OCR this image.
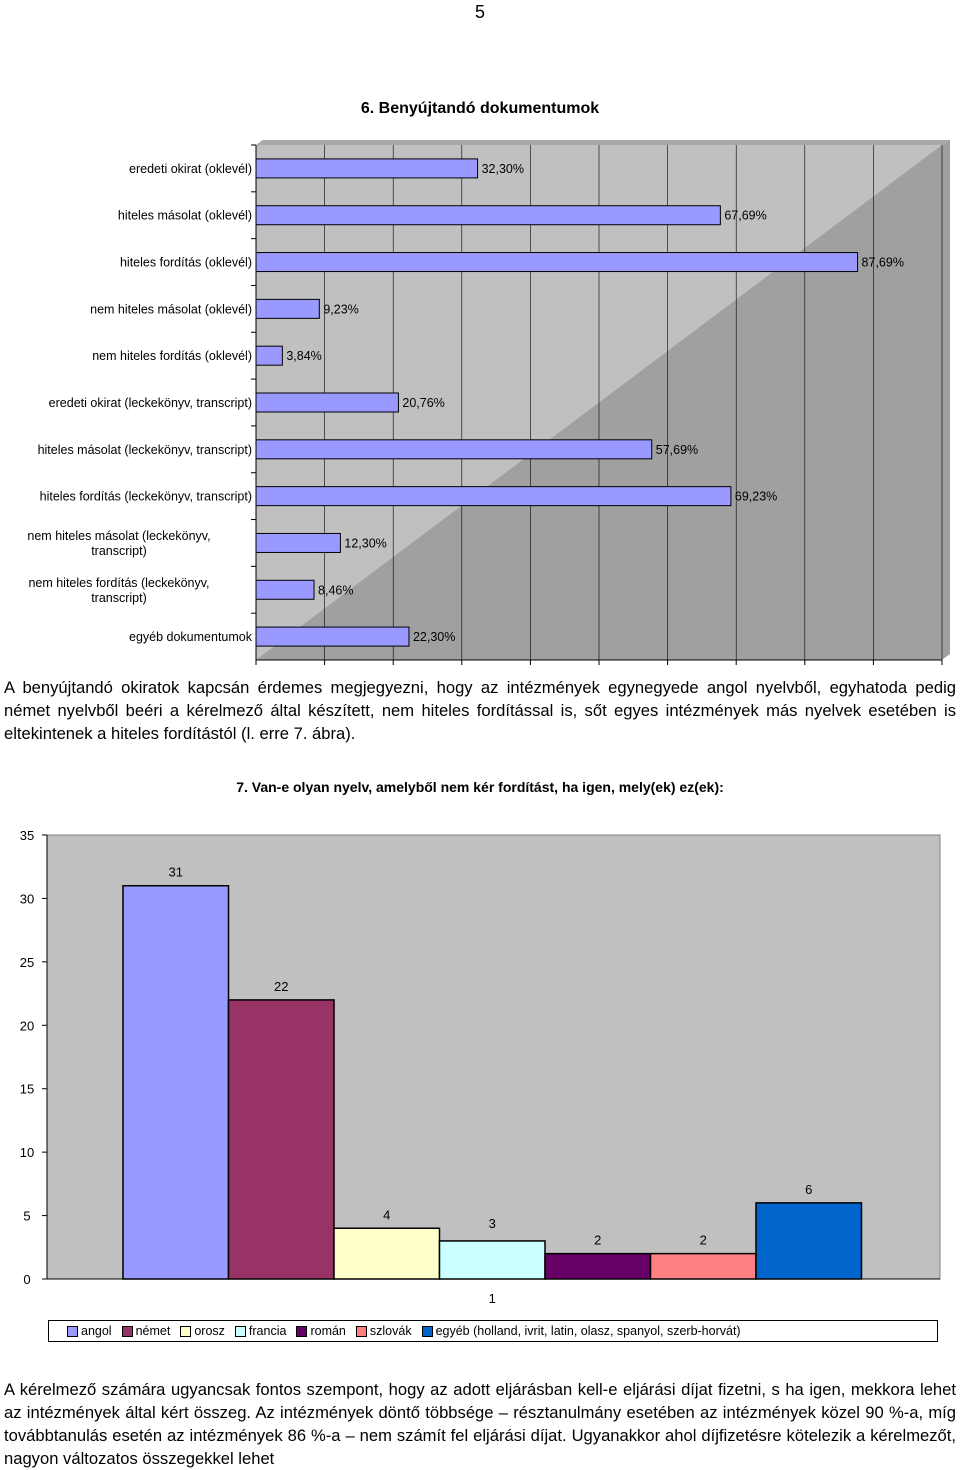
5
6. Benyújtandó dokumentumok
32,30%
eredeti okirat (oklevél)
67,69%
hiteles másolat (oklevél)
87,69%
hiteles fordítás (oklevél)
9,23%
nem hiteles másolat (oklevél)
3,84%
nem hiteles fordítás (oklevél)
20,76%
eredeti okirat (leckekönyv, transcript)
57,69%
hiteles másolat (leckekönyv, transcript)
69,23%
hiteles fordítás (leckekönyv, transcript)
12,30%
nem hiteles másolat (leckekönyv,
transcript)
8,46%
nem hiteles fordítás (leckekönyv,
transcript)
22,30%
egyéb dokumentumok
A benyújtandó okiratok kapcsán érdemes megjegyezni, hogy az intézmények egynegyede angol nyelvből, egyhatoda pedig német nyelvből beéri a kérelmező által készített, nem hiteles fordítással is, sőt egyes intézmények más nyelvek esetében is eltekintenek a hiteles fordítástól (l. erre 7. ábra).
7. Van-e olyan nyelv, amelyből nem kér fordítást, ha igen, mely(ek) ez(ek):
0
5
10
15
20
25
30
35
31
22
4
3
2	2
6
1
angol német orosz francia román szlovák egyéb (holland, ivrit, latin, olasz, spanyol, szerb-horvát)
A kérelmező számára ugyancsak fontos szempont, hogy az adott eljárásban kell-e eljárási díjat fizetni, s ha igen, mekkora lehet az intézmények által kért összeg. Az intézmények döntő többsége – résztanulmány esetében az intézmények közel 90 %-a, míg továbbtanulás esetén az intézmények 86 %-a – nem számít fel eljárási díjat. Ugyanakkor ahol díjfizetésre kötelezik a kérelmezőt, nagyon változatos összegekkel lehet
